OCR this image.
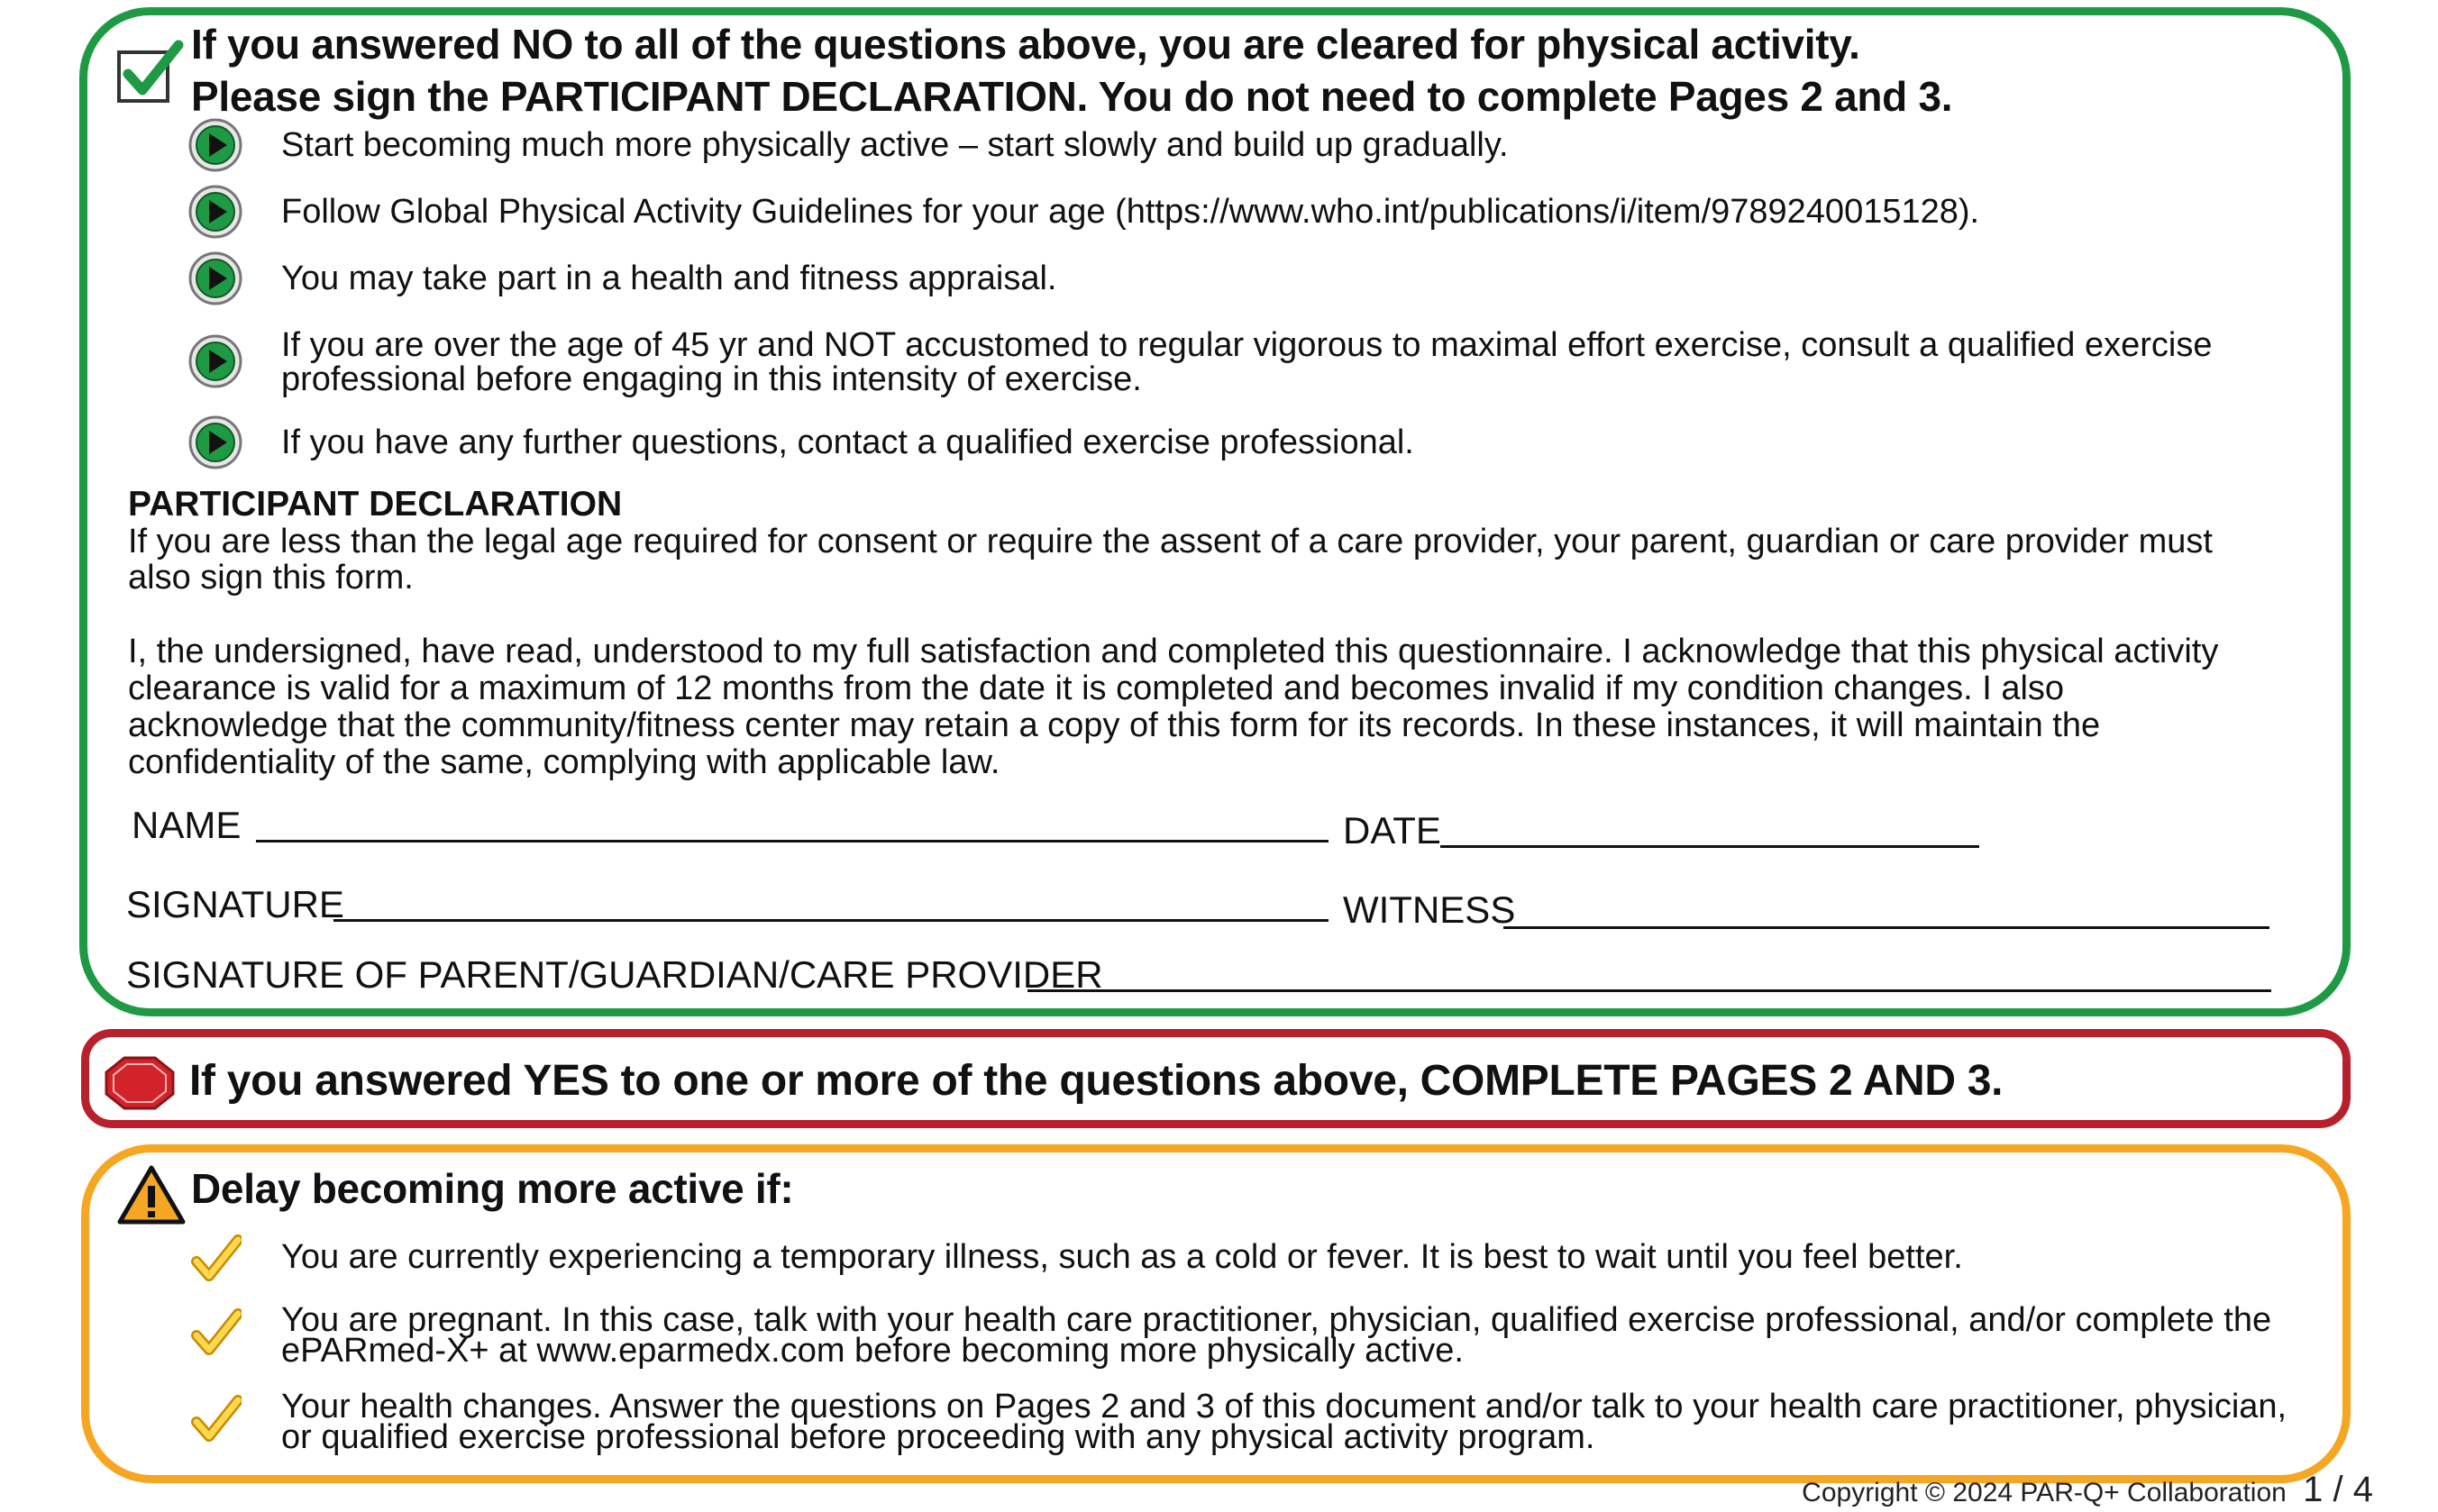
If you answered NO to all of the questions above, you are cleared for physical activity.
Please sign the PARTICIPANT DECLARATION. You do not need to complete Pages 2 and 3.
Start becoming much more physically active – start slowly and build up gradually.
Follow Global Physical Activity Guidelines for your age (https://www.who.int/publications/i/item/9789240015128).
You may take part in a health and fitness appraisal.
If you are over the age of 45 yr and NOT accustomed to regular vigorous to maximal effort exercise, consult a qualified exercise
professional before engaging in this intensity of exercise.
If you have any further questions, contact a qualified exercise professional.
PARTICIPANT DECLARATION
If you are less than the legal age required for consent or require the assent of a care provider, your parent, guardian or care provider must
also sign this form.
I, the undersigned, have read, understood to my full satisfaction and completed this questionnaire. I acknowledge that this physical activity
clearance is valid for a maximum of 12 months from the date it is completed and becomes invalid if my condition changes. I also
acknowledge that the community/fitness center may retain a copy of this form for its records. In these instances, it will maintain the
confidentiality of the same, complying with applicable law.
NAME	DATE
SIGNATURE	WITNESS
SIGNATURE OF PARENT/GUARDIAN/CARE PROVIDER
If you answered YES to one or more of the questions above, COMPLETE PAGES 2 AND 3.
Delay becoming more active if:
You are currently experiencing a temporary illness, such as a cold or fever. It is best to wait until you feel better.
You are pregnant. In this case, talk with your health care practitioner, physician, qualified exercise professional, and/or complete the
ePARmed-X+ at www.eparmedx.com before becoming more physically active.
Your health changes. Answer the questions on Pages 2 and 3 of this document and/or talk to your health care practitioner, physician,
or qualified exercise professional before proceeding with any physical activity program.
Copyright © 2024 PAR-Q+ Collaboration 1 / 4
